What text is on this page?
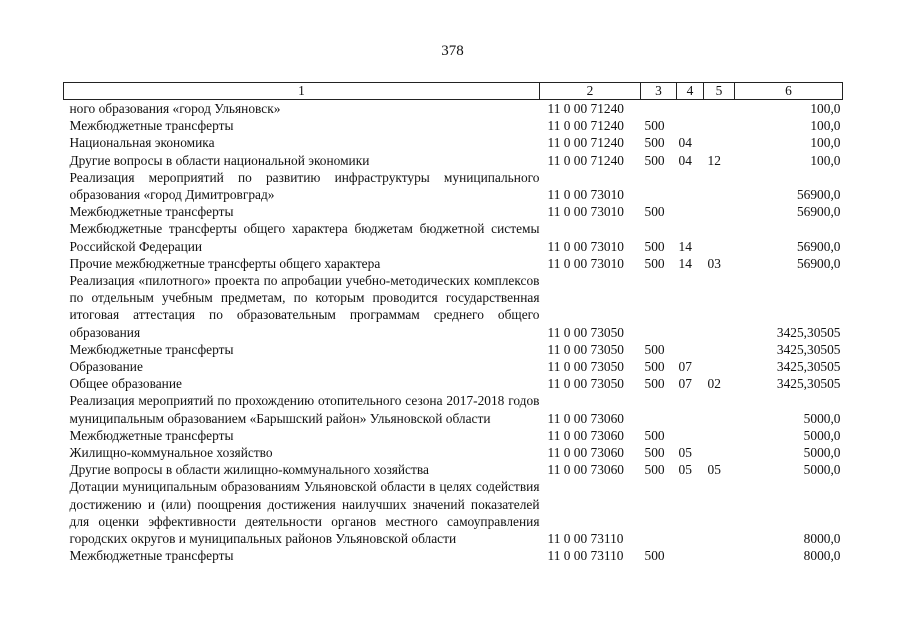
378
1	2	3	4	5	6
ного образования «город Ульяновск»	11 0 00 71240				100,0
Межбюджетные трансферты	11 0 00 71240	500			100,0
Национальная экономика	11 0 00 71240	500	04		100,0
Другие вопросы в области национальной экономики	11 0 00 71240	500	04	12	100,0
Реализация мероприятий по развитию инфраструктуры муниципального образования «город Димитровград»	11 0 00 73010				56900,0
Межбюджетные трансферты	11 0 00 73010	500			56900,0
Межбюджетные трансферты общего характера бюджетам бюджетной системы Российской Федерации	11 0 00 73010	500	14		56900,0
Прочие межбюджетные трансферты общего характера	11 0 00 73010	500	14	03	56900,0
Реализация «пилотного» проекта по апробации учебно-методических комплексов по отдельным учебным предметам, по которым проводится государственная итоговая аттестация по образовательным программам среднего общего образования	11 0 00 73050				3425,30505
Межбюджетные трансферты	11 0 00 73050	500			3425,30505
Образование	11 0 00 73050	500	07		3425,30505
Общее образование	11 0 00 73050	500	07	02	3425,30505
Реализация мероприятий по прохождению отопительного сезона 2017-2018 годов муниципальным образованием «Барышский район» Ульяновской области	11 0 00 73060				5000,0
Межбюджетные трансферты	11 0 00 73060	500			5000,0
Жилищно-коммунальное хозяйство	11 0 00 73060	500	05		5000,0
Другие вопросы в области жилищно-коммунального хозяйства	11 0 00 73060	500	05	05	5000,0
Дотации муниципальным образованиям Ульяновской области в целях содействия достижению и (или) поощрения достижения наилучших значений показателей для оценки эффективности деятельности органов местного самоуправления городских округов и муниципальных районов Ульяновской области	11 0 00 73110				8000,0
Межбюджетные трансферты	11 0 00 73110	500			8000,0
